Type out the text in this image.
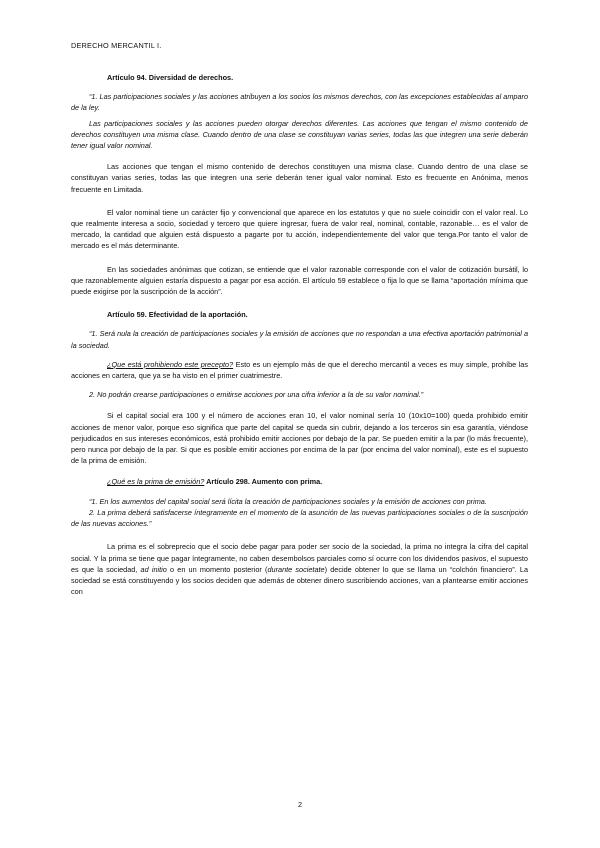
DERECHO MERCANTIL I.

Artículo 94. Diversidad de derechos.

“1. Las participaciones sociales y las acciones atribuyen a los socios los mismos derechos, con las excepciones establecidas al amparo de la ley.

Las participaciones sociales y las acciones pueden otorgar derechos diferentes. Las acciones que tengan el mismo contenido de derechos constituyen una misma clase. Cuando dentro de una clase se constituyan varias series, todas las que integren una serie deberán tener igual valor nominal.

Las acciones que tengan el mismo contenido de derechos constituyen una misma clase. Cuando dentro de una clase se constituyan varias series, todas las que integren una serie deberán tener igual valor nominal. Esto es frecuente en Anónima, menos frecuente en Limitada.

El valor nominal tiene un carácter fijo y convencional que aparece en los estatutos y que no suele coincidir con el valor real. Lo que realmente interesa a socio, sociedad y tercero que quiere ingresar, fuera de valor real, nominal, contable, razonable… es el valor de mercado, la cantidad que alguien está dispuesto a pagarte por tu acción, independientemente del valor que tenga.Por tanto el valor de mercado es el más determinante.

En las sociedades anónimas que cotizan, se entiende que el valor razonable corresponde con el valor de cotización bursátil, lo que razonablemente alguien estaría dispuesto a pagar por esa acción. El artículo 59 establece o fija lo que se llama “aportación mínima que puede exigirse por la suscripción de la acción”.

Artículo 59. Efectividad de la aportación.

“1. Será nula la creación de participaciones sociales y la emisión de acciones que no respondan a una efectiva aportación patrimonial a la sociedad.

¿Que está prohibiendo este precepto? Esto es un ejemplo más de que el derecho mercantil a veces es muy simple, prohíbe las acciones en cartera, que ya se ha visto en el primer cuatrimestre.

2. No podrán crearse participaciones o emitirse acciones por una cifra inferior a la de su valor nominal.”

Si el capital social era 100 y el número de acciones eran 10, el valor nominal sería 10 (10x10=100) queda prohibido emitir acciones de menor valor, porque eso significa que parte del capital se queda sin cubrir, dejando a los terceros sin esa garantía, viéndose perjudicados en sus intereses económicos, está prohibido emitir acciones por debajo de la par. Se pueden emitir a la par (lo más frecuente), pero nunca por debajo de la par. Si que es posible emitir acciones por encima de la par (por encima del valor nominal), este es el supuesto de la prima de emisión.

¿Qué es la prima de emisión? Artículo 298. Aumento con prima.

“1. En los aumentos del capital social será lícita la creación de participaciones sociales y la emisión de acciones con prima.

2. La prima deberá satisfacerse íntegramente en el momento de la asunción de las nuevas participaciones sociales o de la suscripción de las nuevas acciones.”

La prima es el sobreprecio que el socio debe pagar para poder ser socio de la sociedad, la prima no integra la cifra del capital social. Y la prima se tiene que pagar íntegramente, no caben desembolsos parciales como sí ocurre con los dividendos pasivos, el supuesto es que la sociedad, ad initio o en un momento posterior (durante societate) decide obtener lo que se llama un “colchón financiero”. La sociedad se está constituyendo y los socios deciden que además de obtener dinero suscribiendo acciones, van a plantearse emitir acciones con

2
